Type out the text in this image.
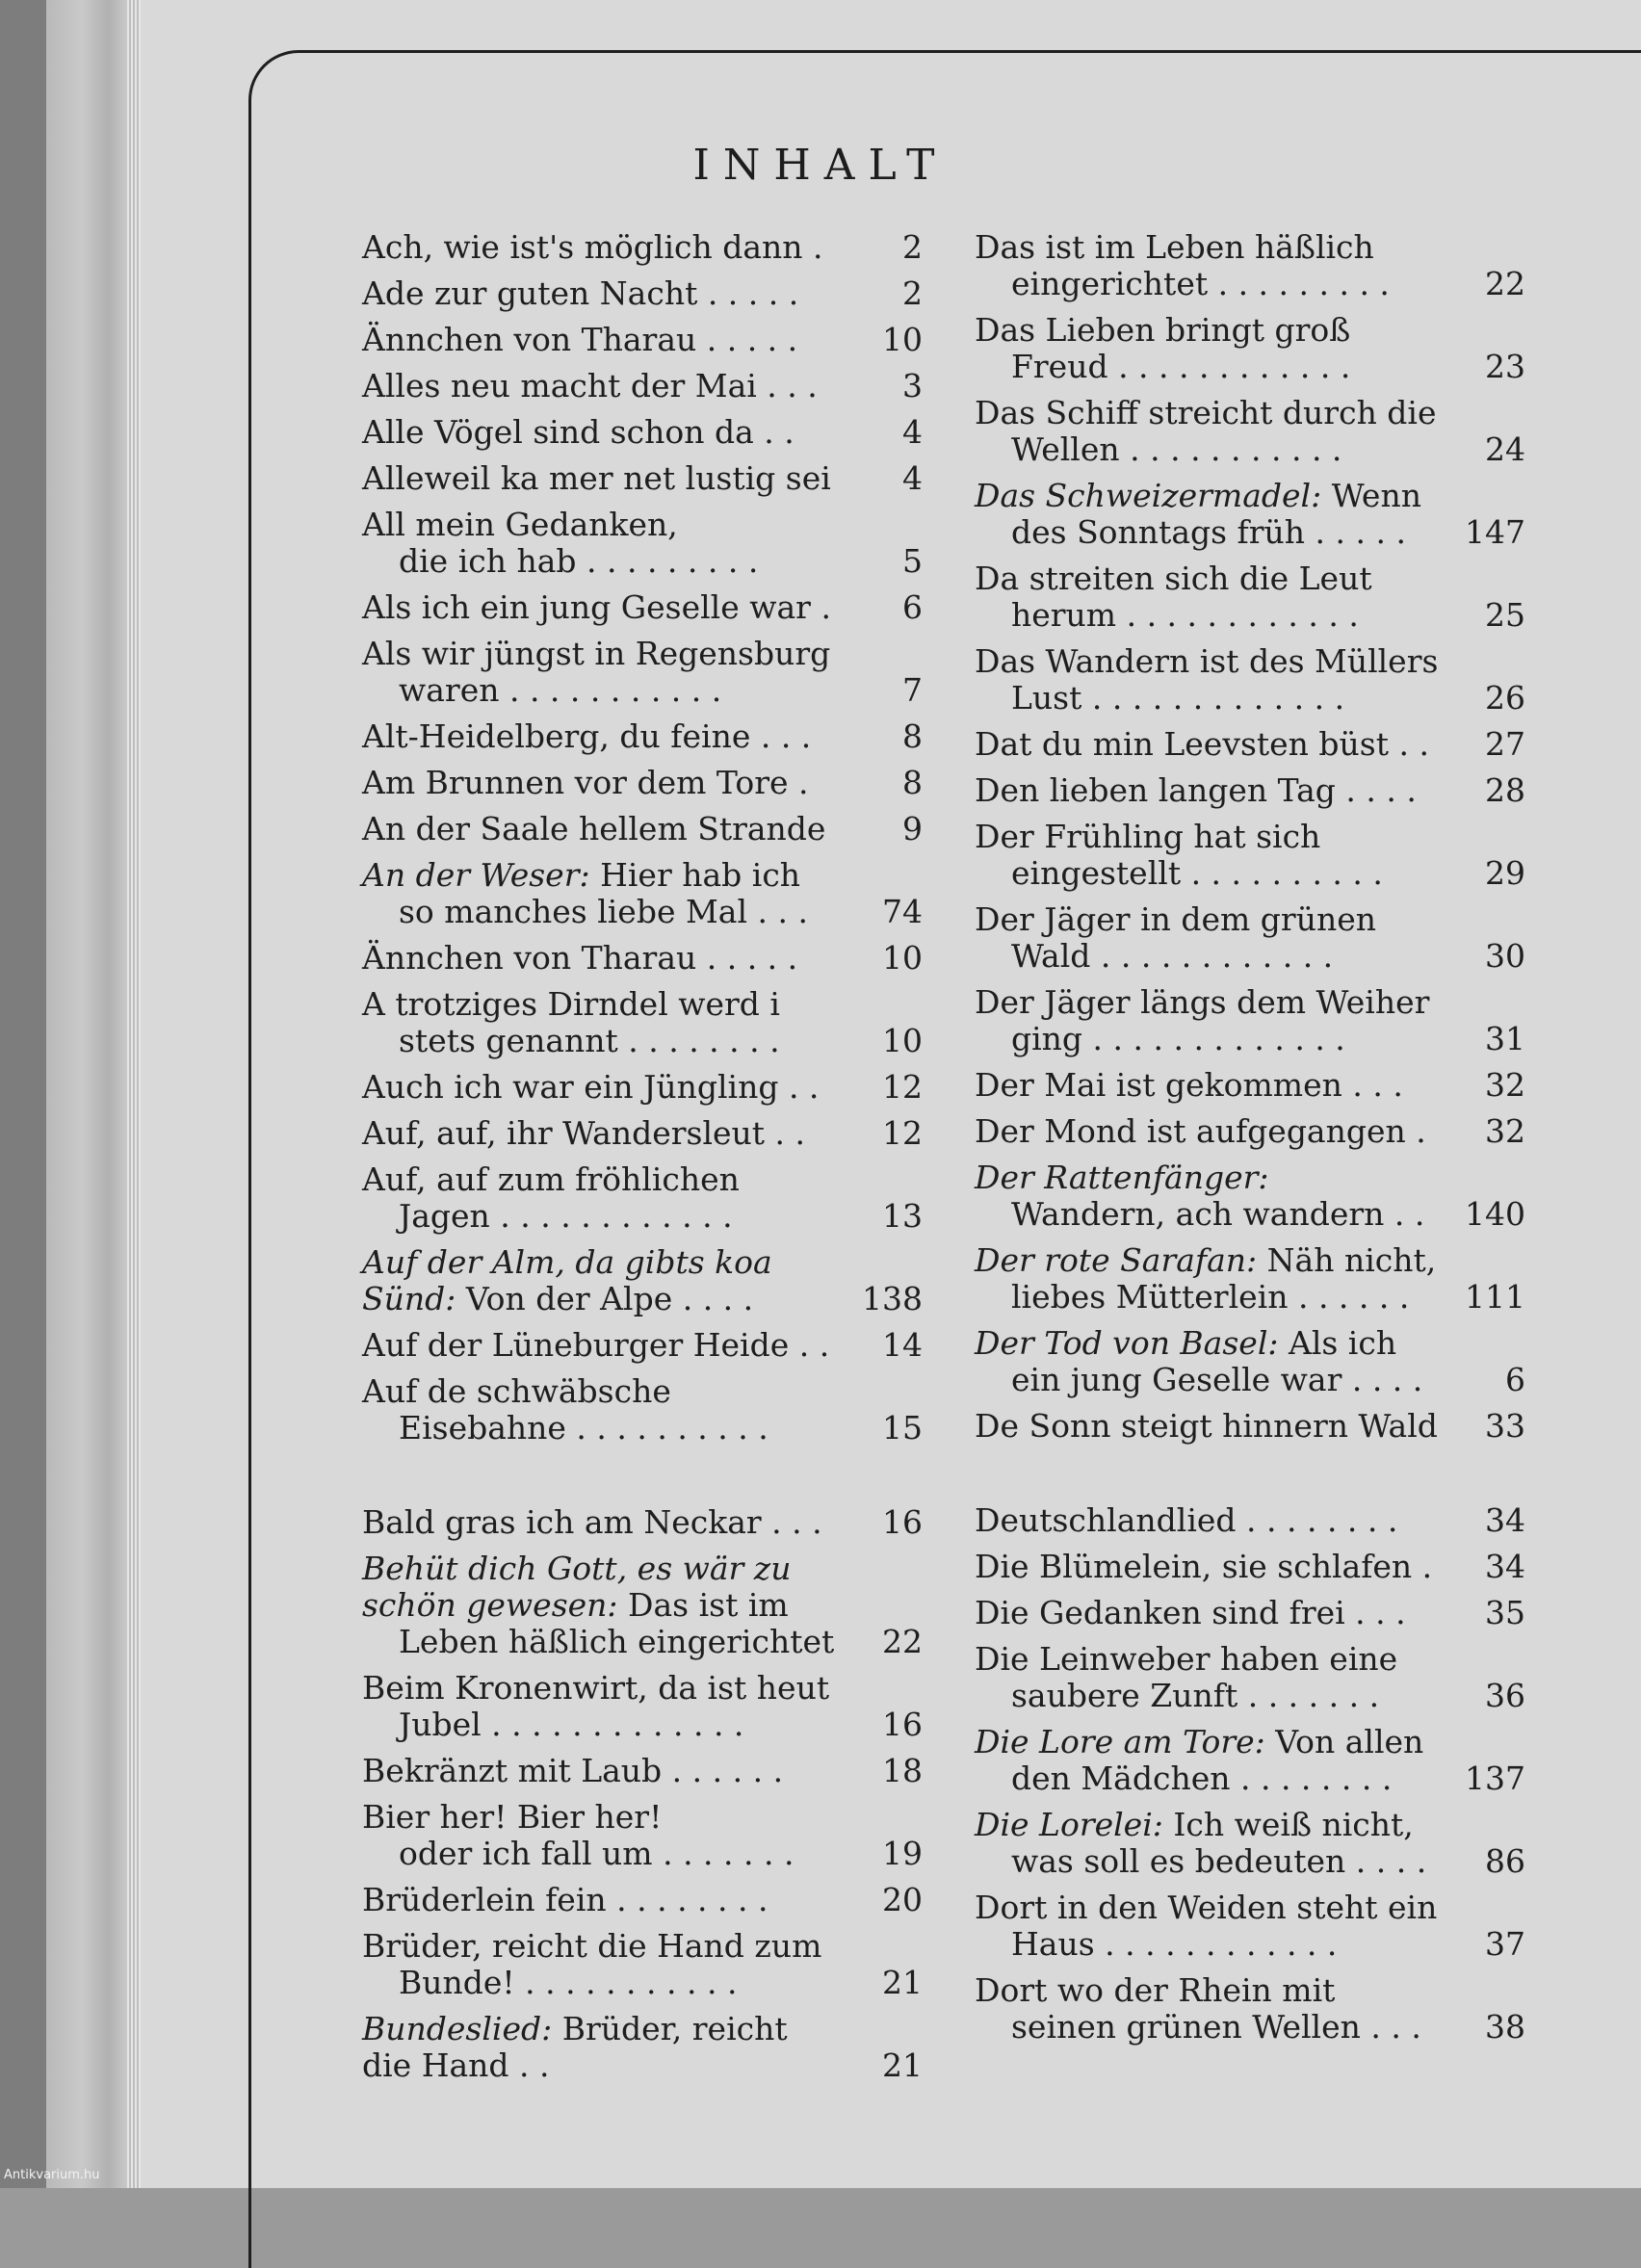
INHALT
Ach, wie ist's möglich dann .	2
Ade zur guten Nacht . . . . .	2
Ännchen von Tharau . . . . .	10
Alles neu macht der Mai . . .	3
Alle Vögel sind schon da . .	4
Alleweil ka mer net lustig sei	4
All mein Gedanken,
die ich hab . . . . . . . . .	5
Als ich ein jung Geselle war .	6
Als wir jüngst in Regensburg
waren . . . . . . . . . . .	7
Alt-Heidelberg, du feine . . .	8
Am Brunnen vor dem Tore .	8
An der Saale hellem Strande	9
An der Weser: Hier hab ich
so manches liebe Mal . . .	74
Ännchen von Tharau . . . . .	10
A trotziges Dirndel werd i
stets genannt . . . . . . . .	10
Auch ich war ein Jüngling . .	12
Auf, auf, ihr Wandersleut . .	12
Auf, auf zum fröhlichen
Jagen . . . . . . . . . . . .	13
Auf der Alm, da gibts koa Sünd: Von der Alpe . . . .	138
Auf der Lüneburger Heide . .	14
Auf de schwäbsche
Eisebahne . . . . . . . . . .	15
Bald gras ich am Neckar . . .	16
Behüt dich Gott, es wär zu schön gewesen: Das ist im
Leben häßlich eingerichtet	22
Beim Kronenwirt, da ist heut
Jubel . . . . . . . . . . . . .	16
Bekränzt mit Laub . . . . . .	18
Bier her! Bier her!
oder ich fall um . . . . . . .	19
Brüderlein fein . . . . . . . .	20
Brüder, reicht die Hand zum
Bunde! . . . . . . . . . . .	21
Bundeslied: Brüder, reicht die Hand . .	21
Das ist im Leben häßlich
eingerichtet . . . . . . . . .	22
Das Lieben bringt groß
Freud . . . . . . . . . . . .	23
Das Schiff streicht durch die
Wellen . . . . . . . . . . .	24
Das Schweizermadel: Wenn
des Sonntags früh . . . . .	147
Da streiten sich die Leut
herum . . . . . . . . . . . .	25
Das Wandern ist des Müllers
Lust . . . . . . . . . . . . .	26
Dat du min Leevsten büst . .	27
Den lieben langen Tag . . . .	28
Der Frühling hat sich
eingestellt . . . . . . . . . .	29
Der Jäger in dem grünen
Wald . . . . . . . . . . . .	30
Der Jäger längs dem Weiher
ging . . . . . . . . . . . . .	31
Der Mai ist gekommen . . .	32
Der Mond ist aufgegangen .	32
Der Rattenfänger:
Wandern, ach wandern . .	140
Der rote Sarafan: Näh nicht,
liebes Mütterlein . . . . . .	111
Der Tod von Basel: Als ich
ein jung Geselle war . . . .	6
De Sonn steigt hinnern Wald	33
Deutschlandlied . . . . . . . .	34
Die Blümelein, sie schlafen .	34
Die Gedanken sind frei . . .	35
Die Leinweber haben eine
saubere Zunft . . . . . . .	36
Die Lore am Tore: Von allen
den Mädchen . . . . . . . .	137
Die Lorelei: Ich weiß nicht,
was soll es bedeuten . . . .	86
Dort in den Weiden steht ein
Haus . . . . . . . . . . . .	37
Dort wo der Rhein mit
seinen grünen Wellen . . .	38
Antikvarium.hu
